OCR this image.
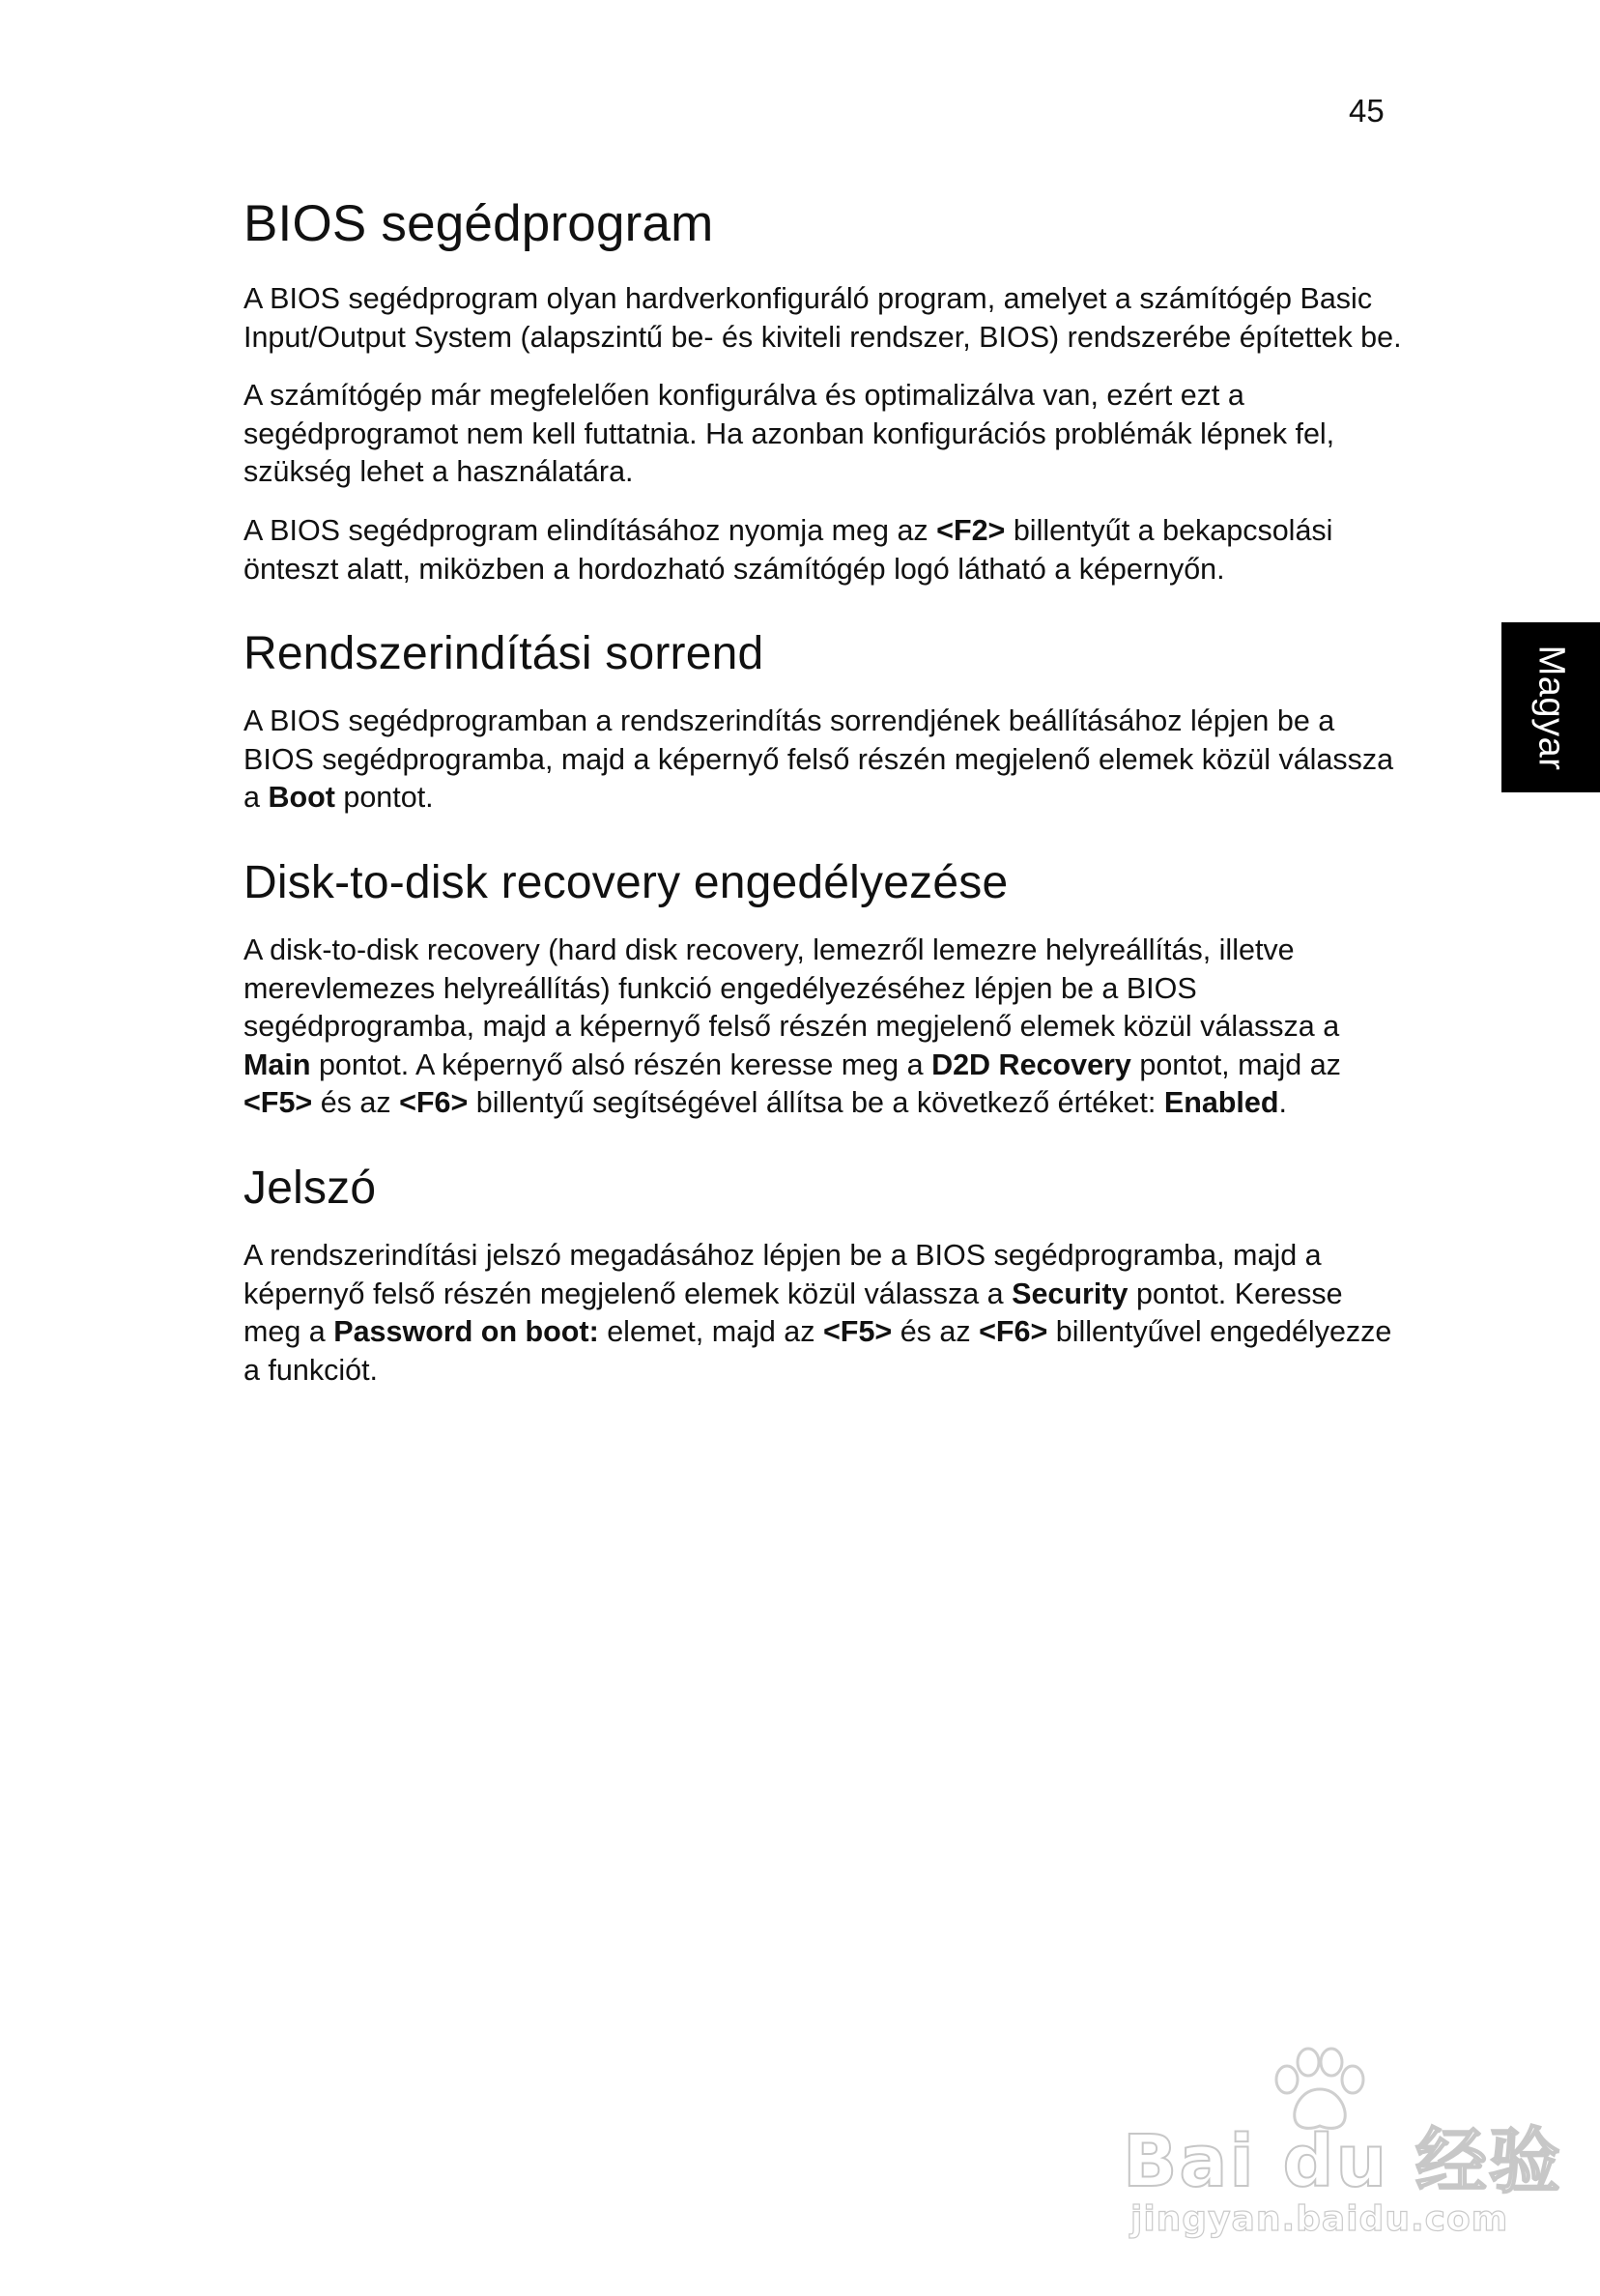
45
Magyar
BIOS segédprogram

A BIOS segédprogram olyan hardverkonfiguráló program, amelyet a számítógép Basic Input/Output System (alapszintű be- és kiviteli rendszer, BIOS) rendszerébe építettek be.

A számítógép már megfelelően konfigurálva és optimalizálva van, ezért ezt a segédprogramot nem kell futtatnia. Ha azonban konfigurációs problémák lépnek fel, szükség lehet a használatára.

A BIOS segédprogram elindításához nyomja meg az <F2> billentyűt a bekapcsolási önteszt alatt, miközben a hordozható számítógép logó látható a képernyőn.

Rendszerindítási sorrend

A BIOS segédprogramban a rendszerindítás sorrendjének beállításához lépjen be a BIOS segédprogramba, majd a képernyő felső részén megjelenő elemek közül válassza a Boot pontot.

Disk-to-disk recovery engedélyezése

A disk-to-disk recovery (hard disk recovery, lemezről lemezre helyreállítás, illetve merevlemezes helyreállítás) funkció engedélyezéséhez lépjen be a BIOS segédprogramba, majd a képernyő felső részén megjelenő elemek közül válassza a Main pontot. A képernyő alsó részén keresse meg a D2D Recovery pontot, majd az <F5> és az <F6> billentyű segítségével állítsa be a következő értéket: Enabled.

Jelszó

A rendszerindítási jelszó megadásához lépjen be a BIOS segédprogramba, majd a képernyő felső részén megjelenő elemek közül válassza a Security pontot. Keresse meg a Password on boot: elemet, majd az <F5> és az <F6> billentyűvel engedélyezze a funkciót.

Bai du 经验
jingyan.baidu.com
